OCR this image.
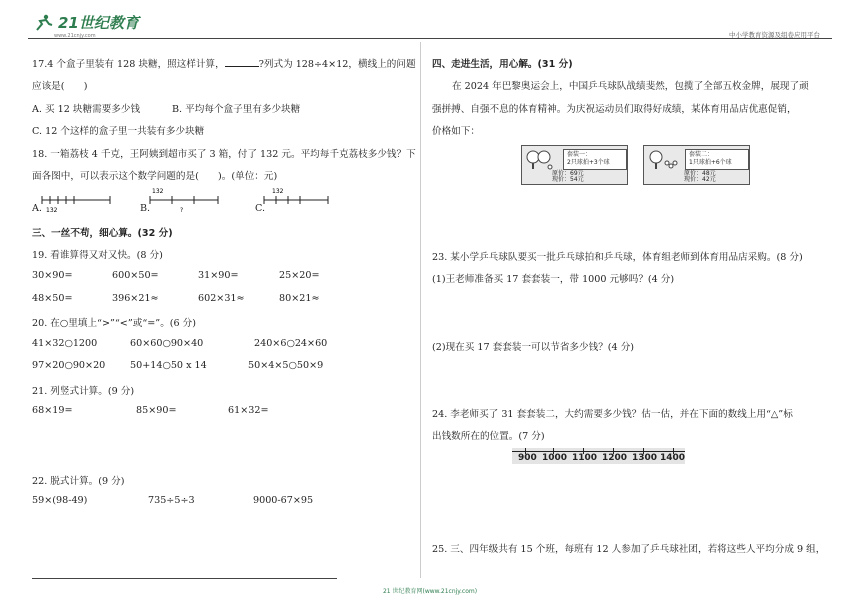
21世纪教育
www.21cnjy.com	中小学教育资源及组卷应用平台
17.4 个盒子里装有 128 块糖，照这样计算，	?列式为 128÷4×12，横线上的问题
应该是(　　)
A. 买 12 块糖需要多少钱	B. 平均每个盒子里有多少块糖
C. 12 个这样的盒子里一共装有多少块糖
18. 一箱荔枝 4 千克，王阿姨到超市买了 3 箱，付了 132 元。平均每千克荔枝多少钱？下
面各图中，可以表示这个数学问题的是(　　)。(单位：元)
A. 132	B.
132
?	C.
132
三、一丝不苟，细心算。(32 分)
19. 看谁算得又对又快。(8 分)
30×90=	600×50=	31×90=	25×20=
48×50=	396×21≈	602×31≈	80×21≈
20. 在○里填上“>”“<”或“=”。(6 分)
41×32○1200	60×60○90×40	240×6○24×60
97×20○90×20	50+14○50 x 14	50×4×5○50×9
21. 列竖式计算。(9 分)
68×19=	85×90=	61×32=
22. 脱式计算。(9 分)
59×(98-49)	735÷5÷3	9000-67×95
四、走进生活，用心解。(31 分)
在 2024 年巴黎奥运会上，中国乒乓球队战绩斐然，包揽了全部五枚金牌，展现了顽
强拼搏、自强不息的体育精神。为庆祝运动员们取得好成绩，某体育用品店优惠促销，
价格如下：
套装一：
2只球拍+3个球
原价：69元
现价：54元
套装二：
1只球拍+6个球
原价：48元
现价：42元
23. 某小学乒乓球队要买一批乒乓球拍和乒乓球，体育组老师到体育用品店采购。(8 分)
(1)王老师准备买 17 套套装一，带 1000 元够吗？(4 分)
(2)现在买 17 套套装一可以节省多少钱？(4 分)
24. 李老师买了 31 套套装二，大约需要多少钱？估一估，并在下面的数线上用“△”标
出钱数所在的位置。(7 分)
900 1000 1100 1200 1300 1400
25. 三、四年级共有 15 个班，每班有 12 人参加了乒乓球社团，若将这些人平均分成 9 组，
21 世纪教育网(www.21cnjy.com)
